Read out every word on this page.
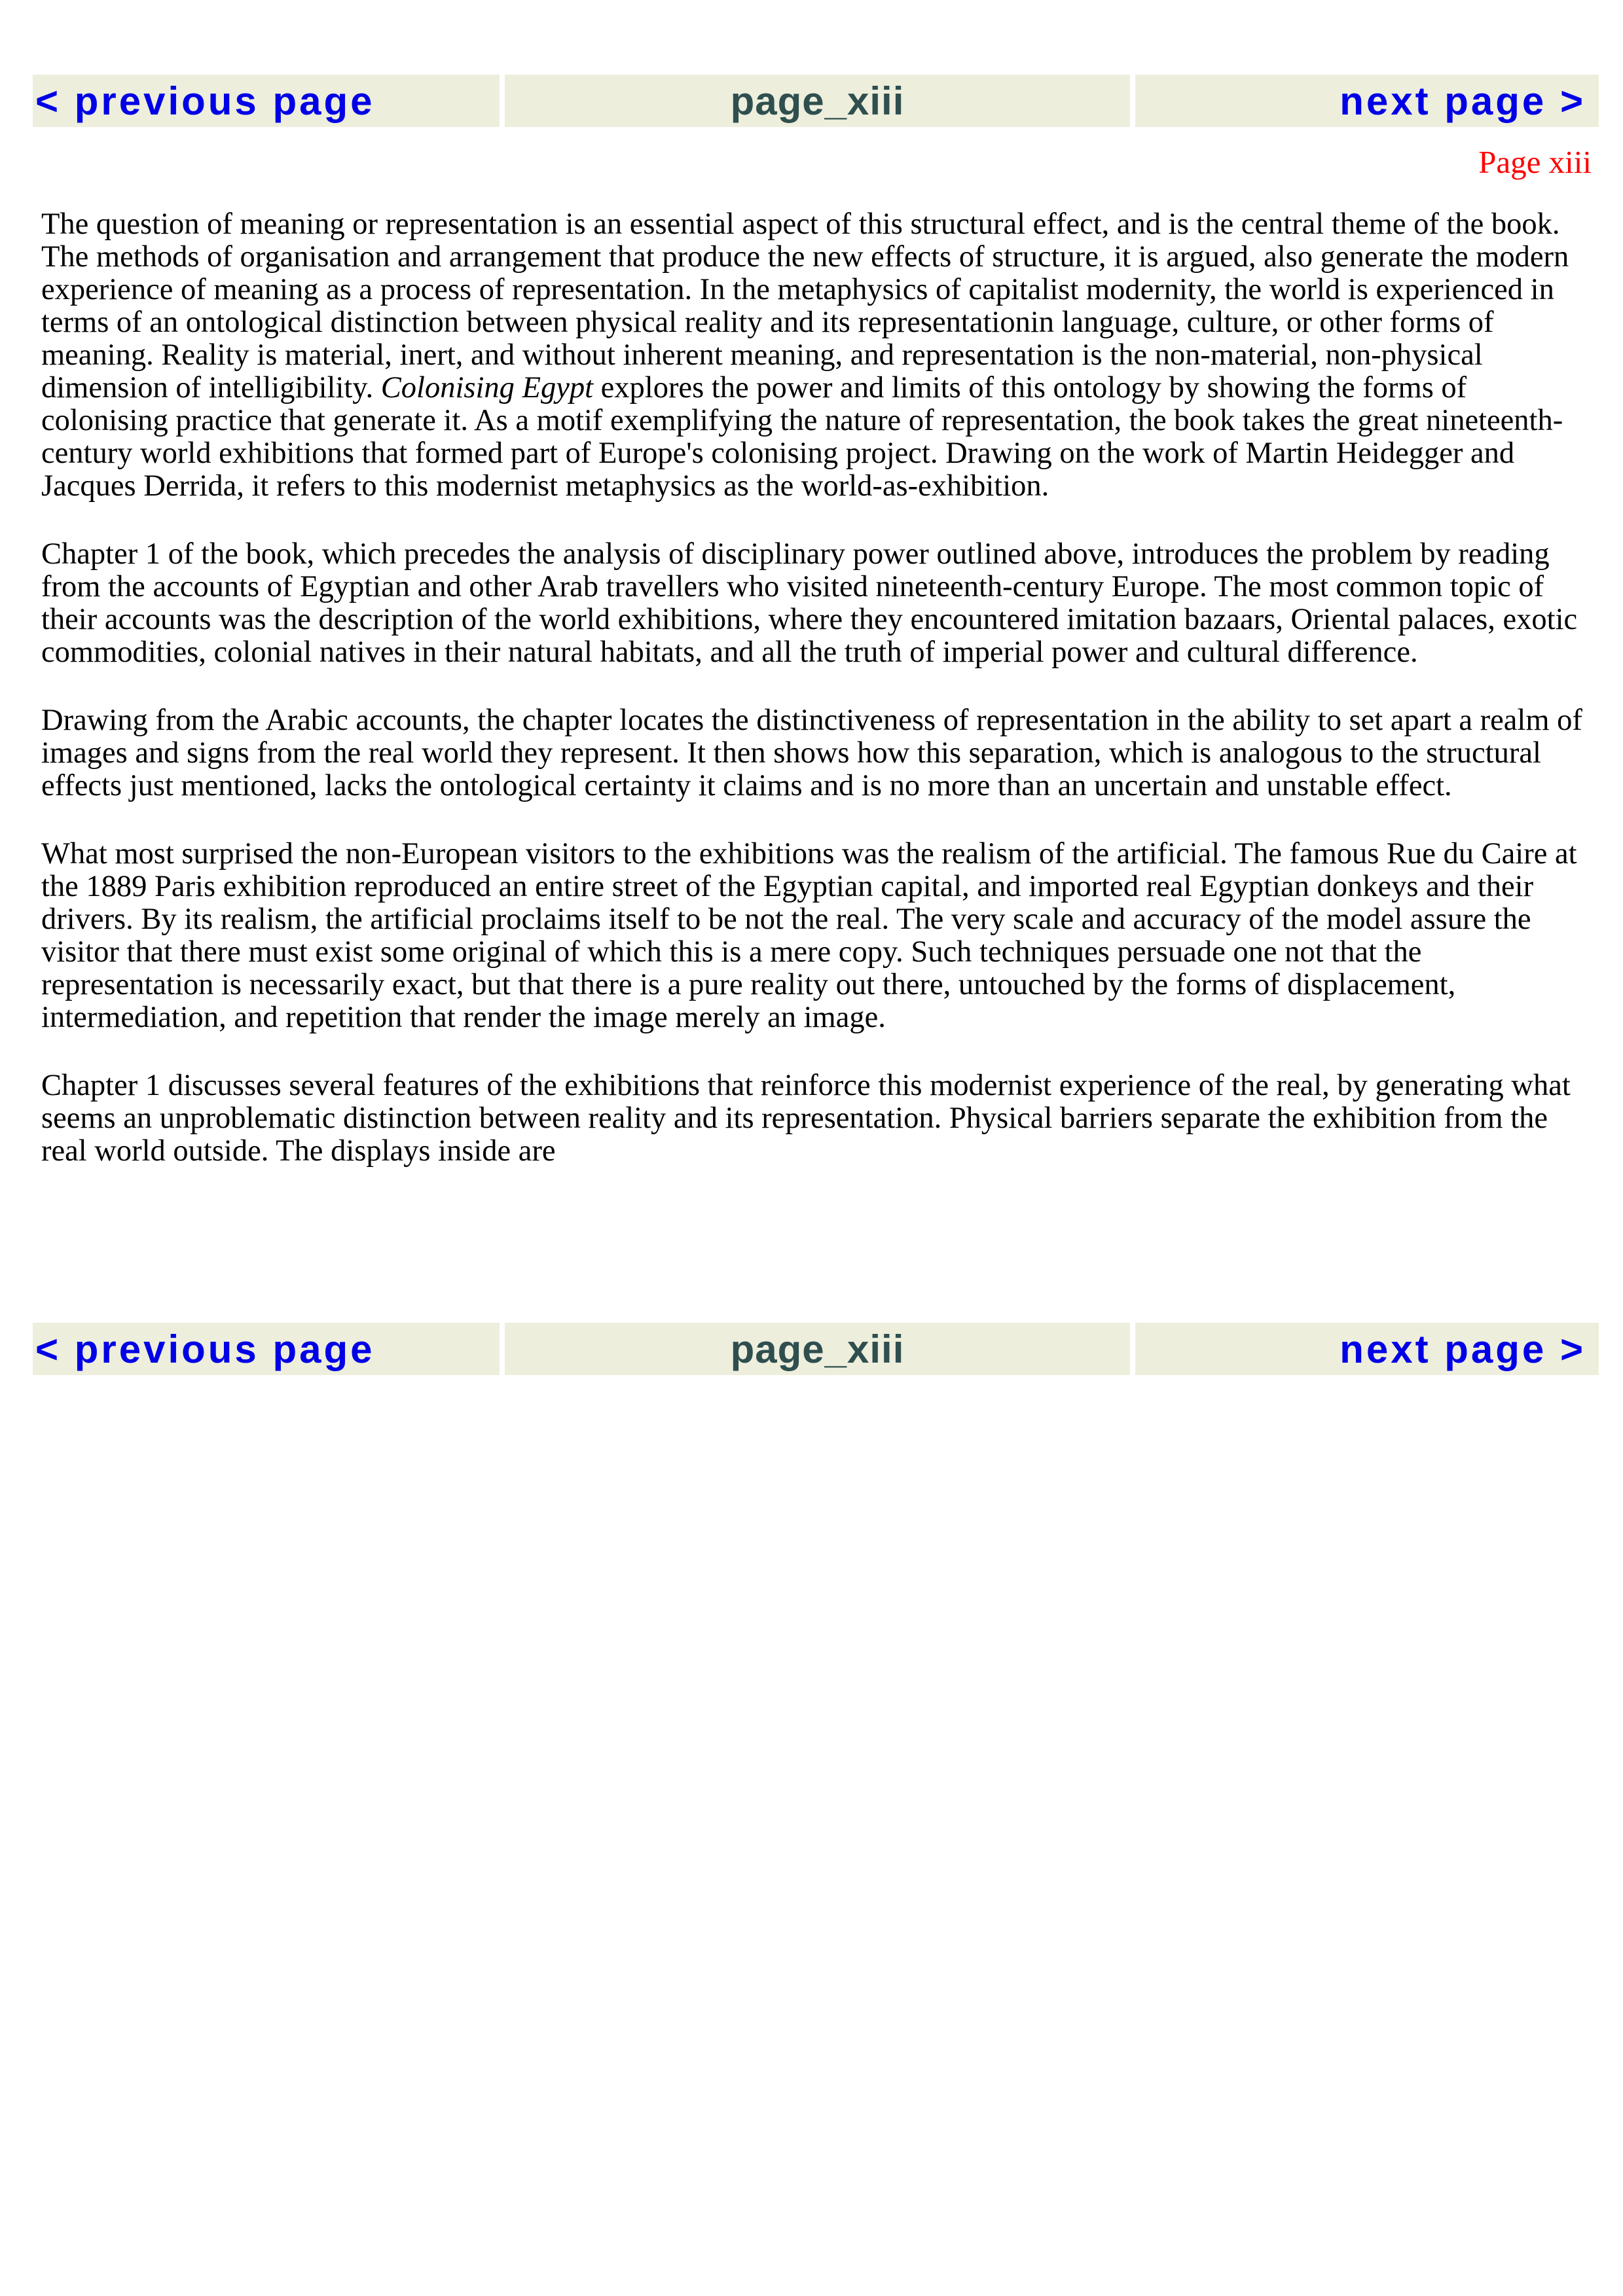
< previous page	page_xiii	next page >
Page xiii

The question of meaning or representation is an essential aspect of this structural effect, and is the central theme of the book. The methods of organisation and arrangement that produce the new effects of structure, it is argued, also generate the modern experience of meaning as a process of representation. In the metaphysics of capitalist modernity, the world is experienced in terms of an ontological distinction between physical reality and its representationin language, culture, or other forms of meaning. Reality is material, inert, and without inherent meaning, and representation is the non-material, non-physical dimension of intelligibility. Colonising Egypt explores the power and limits of this ontology by showing the forms of colonising practice that generate it. As a motif exemplifying the nature of representation, the book takes the great nineteenth-century world exhibitions that formed part of Europe's colonising project. Drawing on the work of Martin Heidegger and Jacques Derrida, it refers to this modernist metaphysics as the world-as-exhibition.

Chapter 1 of the book, which precedes the analysis of disciplinary power outlined above, introduces the problem by reading from the accounts of Egyptian and other Arab travellers who visited nineteenth-century Europe. The most common topic of their accounts was the description of the world exhibitions, where they encountered imitation bazaars, Oriental palaces, exotic commodities, colonial natives in their natural habitats, and all the truth of imperial power and cultural difference.

Drawing from the Arabic accounts, the chapter locates the distinctiveness of representation in the ability to set apart a realm of images and signs from the real world they represent. It then shows how this separation, which is analogous to the structural effects just mentioned, lacks the ontological certainty it claims and is no more than an uncertain and unstable effect.

What most surprised the non-European visitors to the exhibitions was the realism of the artificial. The famous Rue du Caire at the 1889 Paris exhibition reproduced an entire street of the Egyptian capital, and imported real Egyptian donkeys and their drivers. By its realism, the artificial proclaims itself to be not the real. The very scale and accuracy of the model assure the visitor that there must exist some original of which this is a mere copy. Such techniques persuade one not that the representation is necessarily exact, but that there is a pure reality out there, untouched by the forms of displacement, intermediation, and repetition that render the image merely an image.

Chapter 1 discusses several features of the exhibitions that reinforce this modernist experience of the real, by generating what seems an unproblematic distinction between reality and its representation. Physical barriers separate the exhibition from the real world outside. The displays inside are

< previous page	page_xiii	next page >
